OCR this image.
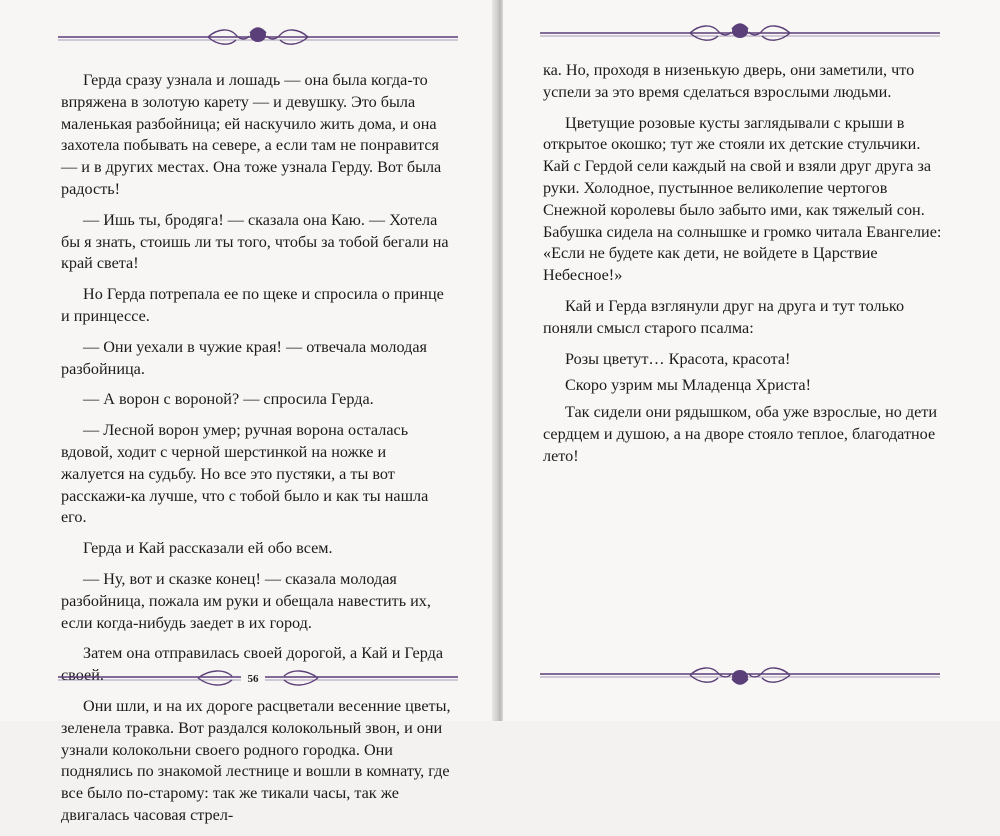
Герда сразу узнала и лошадь — она была когда-то впряжена в золотую карету — и девушку. Это была маленькая разбойница; ей наскучило жить дома, и она захотела побывать на севере, а если там не понравится — и в других местах. Она тоже узнала Герду. Вот была радость!

— Ишь ты, бродяга! — сказала она Каю. — Хотела бы я знать, стоишь ли ты того, чтобы за тобой бегали на край света!

Но Герда потрепала ее по щеке и спросила о принце и принцессе.

— Они уехали в чужие края! — отвечала молодая разбойница.

— А ворон с вороной? — спросила Герда.

— Лесной ворон умер; ручная ворона осталась вдовой, ходит с черной шерстинкой на ножке и жалуется на судьбу. Но все это пустяки, а ты вот расскажи-ка лучше, что с тобой было и как ты нашла его.

Герда и Кай рассказали ей обо всем.

— Ну, вот и сказке конец! — сказала молодая разбойница, пожала им руки и обещала навестить их, если когда-нибудь заедет в их город.

Затем она отправилась своей дорогой, а Кай и Герда своей.

Они шли, и на их дороге расцветали весенние цветы, зеленела травка. Вот раздался колокольный звон, и они узнали колокольни своего родного городка. Они поднялись по знакомой лестнице и вошли в комнату, где все было по-старому: так же тикали часы, так же двигалась часовая стрел-

56

ка. Но, проходя в низенькую дверь, они заметили, что успели за это время сделаться взрослыми людьми.

Цветущие розовые кусты заглядывали с крыши в открытое окошко; тут же стояли их детские стульчики. Кай с Гердой сели каждый на свой и взяли друг друга за руки. Холодное, пустынное великолепие чертогов Снежной королевы было забыто ими, как тяжелый сон. Бабушка сидела на солнышке и громко читала Евангелие: «Если не будете как дети, не войдете в Царствие Небесное!»

Кай и Герда взглянули друг на друга и тут только поняли смысл старого псалма:

Розы цветут… Красота, красота!

Скоро узрим мы Младенца Христа!

Так сидели они рядышком, оба уже взрослые, но дети сердцем и душою, а на дворе стояло теплое, благодатное лето!
